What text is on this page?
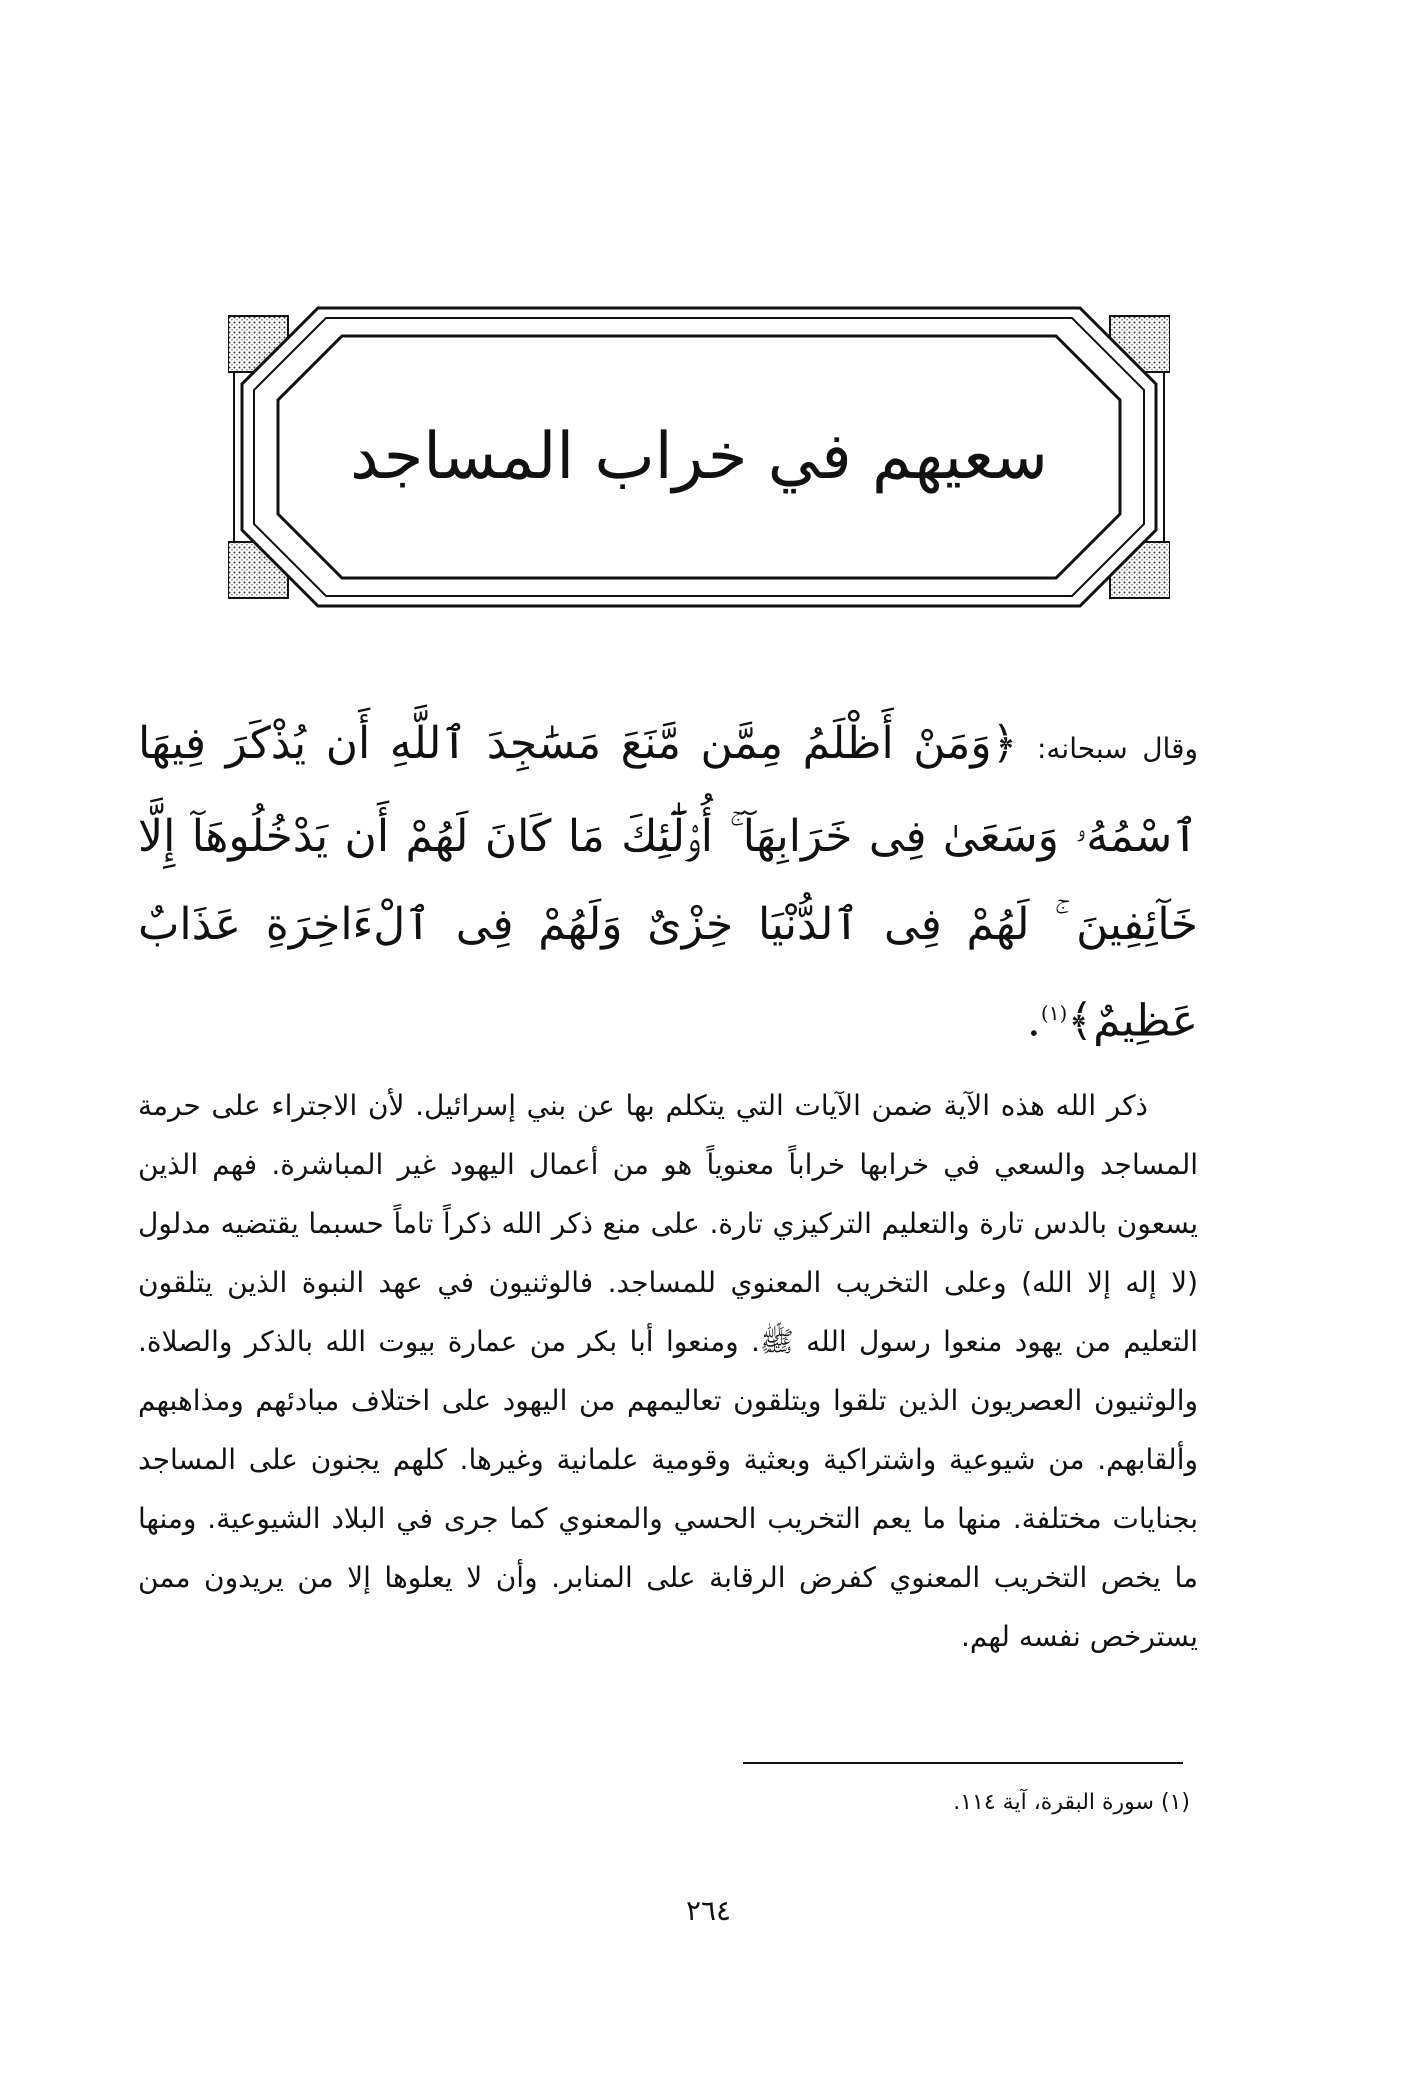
سعيهم في خراب المساجد

وقال سبحانه: ﴿وَمَنْ أَظْلَمُ مِمَّن مَّنَعَ مَسَٰجِدَ ٱللَّهِ أَن يُذْكَرَ فِيهَا ٱسْمُهُۥ وَسَعَىٰ فِى خَرَابِهَآ ۚ أُو۟لَٰٓئِكَ مَا كَانَ لَهُمْ أَن يَدْخُلُوهَآ إِلَّا خَآئِفِينَ ۚ لَهُمْ فِى ٱلدُّنْيَا خِزْىٌ وَلَهُمْ فِى ٱلْءَاخِرَةِ عَذَابٌ عَظِيمٌ﴾$^{(١)}$.

ذكر الله هذه الآية ضمن الآيات التي يتكلم بها عن بني إسرائيل. لأن الاجتراء على حرمة المساجد والسعي في خرابها خراباً معنوياً هو من أعمال اليهود غير المباشرة. فهم الذين يسعون بالدس تارة والتعليم التركيزي تارة. على منع ذكر الله ذكراً تاماً حسبما يقتضيه مدلول (لا إله إلا الله) وعلى التخريب المعنوي للمساجد. فالوثنيون في عهد النبوة الذين يتلقون التعليم من يهود منعوا رسول الله ﷺ. ومنعوا أبا بكر من عمارة بيوت الله بالذكر والصلاة. والوثنيون العصريون الذين تلقوا ويتلقون تعاليمهم من اليهود على اختلاف مبادئهم ومذاهبهم وألقابهم. من شيوعية واشتراكية وبعثية وقومية علمانية وغيرها. كلهم يجنون على المساجد بجنايات مختلفة. منها ما يعم التخريب الحسي والمعنوي كما جرى في البلاد الشيوعية. ومنها ما يخص التخريب المعنوي كفرض الرقابة على المنابر. وأن لا يعلوها إلا من يريدون ممن يسترخص نفسه لهم.

(١) سورة البقرة، آية ١١٤.
٢٦٤
